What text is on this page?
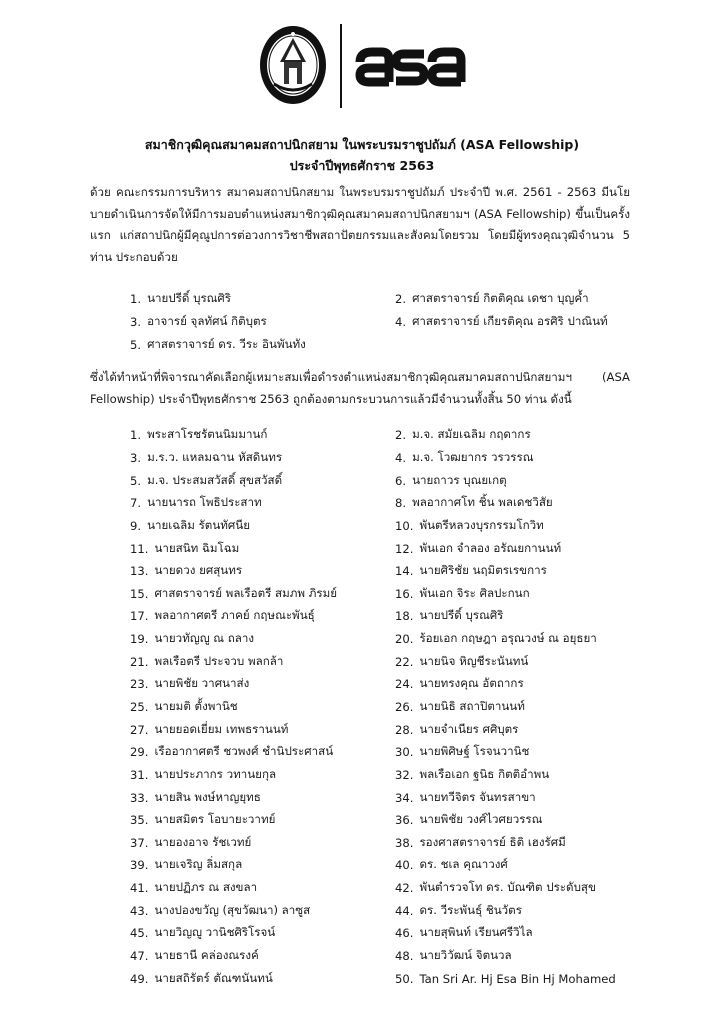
สมาชิกวุฒิคุณสมาคมสถาปนิกสยาม ในพระบรมราชูปถัมภ์ (ASA Fellowship)
ประจำปีพุทธศักราช 2563

ด้วย คณะกรรมการบริหาร สมาคมสถาปนิกสยาม ในพระบรมราชูปถัมภ์ ประจำปี พ.ศ. 2561 - 2563 มีนโยบายดำเนินการจัดให้มีการมอบตำแหน่งสมาชิกวุฒิคุณสมาคมสถาปนิกสยามฯ (ASA Fellowship) ขึ้นเป็นครั้งแรก แก่สถาปนิกผู้มีคุณูปการต่อวงการวิชาชีพสถาปัตยกรรมและสังคมโดยรวม โดยมีผู้ทรงคุณวุฒิจำนวน 5 ท่าน ประกอบด้วย

1. นายปรีดิ์ บุรณศิริ	2. ศาสตราจารย์ กิตติคุณ เดชา บุญค้ำ
3. อาจารย์ จุลทัศน์ กิติบุตร	4. ศาสตราจารย์ เกียรติคุณ อรศิริ ปาณินท์
5. ศาสตราจารย์ ดร. วีระ อินพันทัง

ซึ่งได้ทำหน้าที่พิจารณาคัดเลือกผู้เหมาะสมเพื่อดำรงตำแหน่งสมาชิกวุฒิคุณสมาคมสถาปนิกสยามฯ (ASA Fellowship) ประจำปีพุทธศักราช 2563 ถูกต้องตามกระบวนการแล้วมีจำนวนทั้งสิ้น 50 ท่าน ดังนี้

1. พระสาโรชรัตนนิมมานก์	2. ม.จ. สมัยเฉลิม กฤดากร
3. ม.ร.ว. แหลมฉาน หัสดินทร	4. ม.จ. โวฒยากร วรวรรณ
5. ม.จ. ประสมสวัสดิ์ สุขสวัสดิ์	6. นายถาวร บุณยเกตุ
7. นายนารถ โพธิประสาท	8. พลอากาศโท ชิ้น พลเดชวิสัย
9. นายเฉลิม รัตนทัศนีย	10. พันตรีหลวงบุรกรรมโกวิท
11. นายสนิท ฉิมโฉม	12. พันเอก จำลอง อรัณยกานนท์
13. นายดวง ยศสุนทร	14. นายศิริชัย นฤมิตรเรขการ
15. ศาสตราจารย์ พลเรือตรี สมภพ ภิรมย์	16. พันเอก จิระ ศิลปะกนก
17. พลอากาศตรี ภาคย์ กฤษณะพันธุ์	18. นายปรีดิ์ บุรณศิริ
19. นายวทัญญู ณ ถลาง	20. ร้อยเอก กฤษฎา อรุณวงษ์ ณ อยุธยา
21. พลเรือตรี ประจวบ พลกล้า	22. นายนิจ หิญชีระนันทน์
23. นายพิชัย วาศนาส่ง	24. นายทรงคุณ อัตถากร
25. นายมติ ตั้งพานิช	26. นายนิธิ สถาปิตานนท์
27. นายยอดเยี่ยม เทพธรานนท์	28. นายจำเนียร ศศิบุตร
29. เรืออากาศตรี ชวพงศ์ ชำนิประศาสน์	30. นายพิศิษฐ์ โรจนวานิช
31. นายประภากร วทานยกุล	32. พลเรือเอก ฐนิธ กิตติอำพน
33. นายสิน พงษ์หาญยุทธ	34. นายทวีจิตร จันทรสาขา
35. นายสมิตร โอบายะวาทย์	36. นายพิชัย วงศ์ไวศยวรรณ
37. นายองอาจ รัชเวทย์	38. รองศาสตราจารย์ ธิติ เฮงรัศมี
39. นายเจริญ ลิ่มสกุล	40. ดร. ชเล คุณาวงศ์
41. นายปฏิภร ณ สงขลา	42. พันตำรวจโท ดร. บัณฑิต ประดับสุข
43. นางปองขวัญ (สุขวัฒนา) ลาซูส	44. ดร. วีระพันธุ์ ชินวัตร
45. นายวิญญู วานิชศิริโรจน์	46. นายสุพินท์ เรียนศรีวิไล
47. นายธานี คล่องณรงค์	48. นายวิวัฒน์ จิตนวล
49. นายสถิรัตร์ ตัณฑนันทน์	50. Tan Sri Ar. Hj Esa Bin Hj Mohamed
